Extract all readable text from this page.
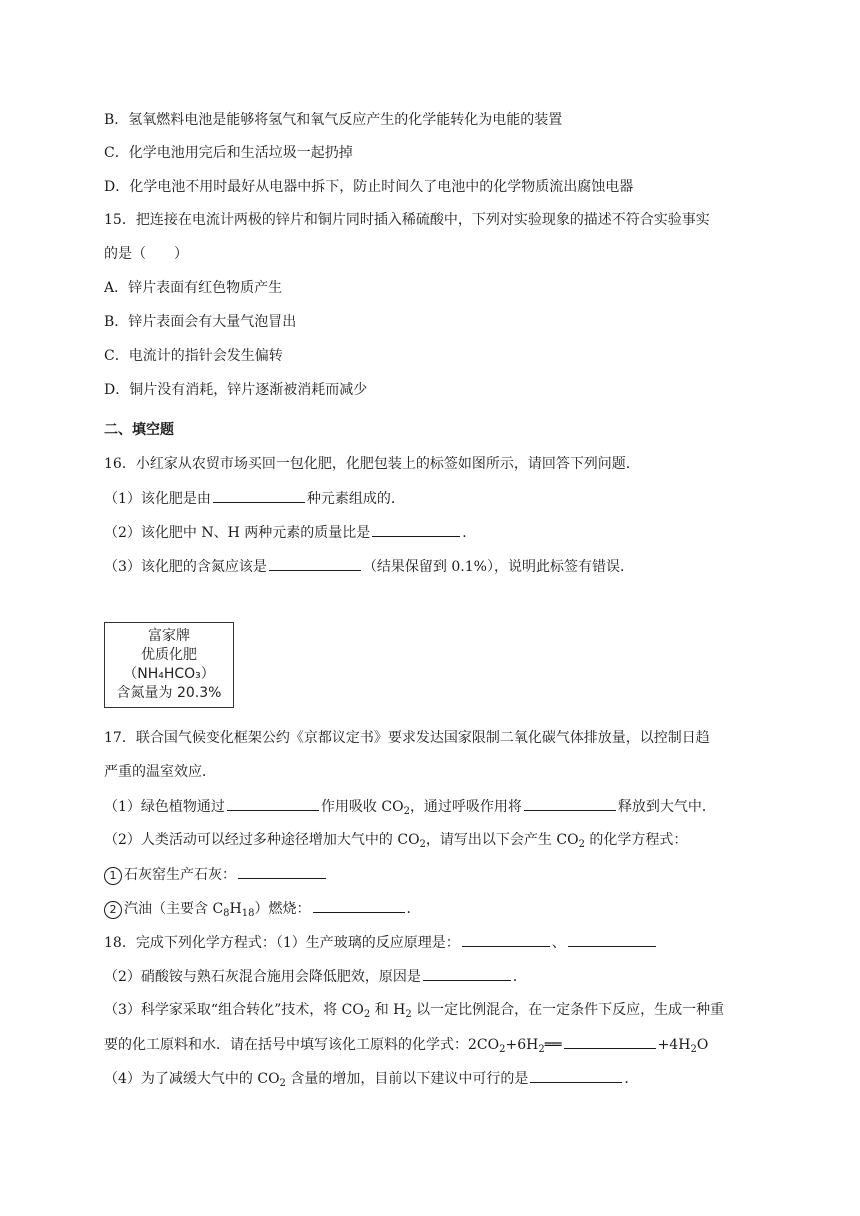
B．氢氧燃料电池是能够将氢气和氧气反应产生的化学能转化为电能的装置
C．化学电池用完后和生活垃圾一起扔掉
D．化学电池不用时最好从电器中拆下，防止时间久了电池中的化学物质流出腐蚀电器
15．把连接在电流计两极的锌片和铜片同时插入稀硫酸中，下列对实验现象的描述不符合实验事实
的是（　　）
A．锌片表面有红色物质产生
B．锌片表面会有大量气泡冒出
C．电流计的指针会发生偏转
D．铜片没有消耗，锌片逐渐被消耗而减少
二、填空题
16．小红家从农贸市场买回一包化肥，化肥包装上的标签如图所示，请回答下列问题．
（1）该化肥是由	种元素组成的．
（2）该化肥中 N、H 两种元素的质量比是	．
（3）该化肥的含氮应该是	（结果保留到 0.1%），说明此标签有错误．
富家牌
优质化肥
（NH₄HCO₃）
含氮量为 20.3%
17．联合国气候变化框架公约《京都议定书》要求发达国家限制二氧化碳气体排放量，以控制日趋
严重的温室效应．
（1）绿色植物通过	作用吸收 $CO_2$，通过呼吸作用将	释放到大气中．
（2）人类活动可以经过多种途径增加大气中的 $CO_2$，请写出以下会产生 $CO_2$ 的化学方程式：
1 石灰窑生产石灰：
2 汽油（主要含 $C_8H_{18}$）燃烧：	．
18．完成下列化学方程式：（1）生产玻璃的反应原理是：	、
（2）硝酸铵与熟石灰混合施用会降低肥效，原因是	．
（3）科学家采取“组合转化”技术，将 $CO_2$ 和 $H_2$ 以一定比例混合，在一定条件下反应，生成一种重
要的化工原料和水．请在括号中填写该化工原料的化学式：$2CO_2+6H_2══$	$+4H_2O$
（4）为了减缓大气中的 $CO_2$ 含量的增加，目前以下建议中可行的是	．
